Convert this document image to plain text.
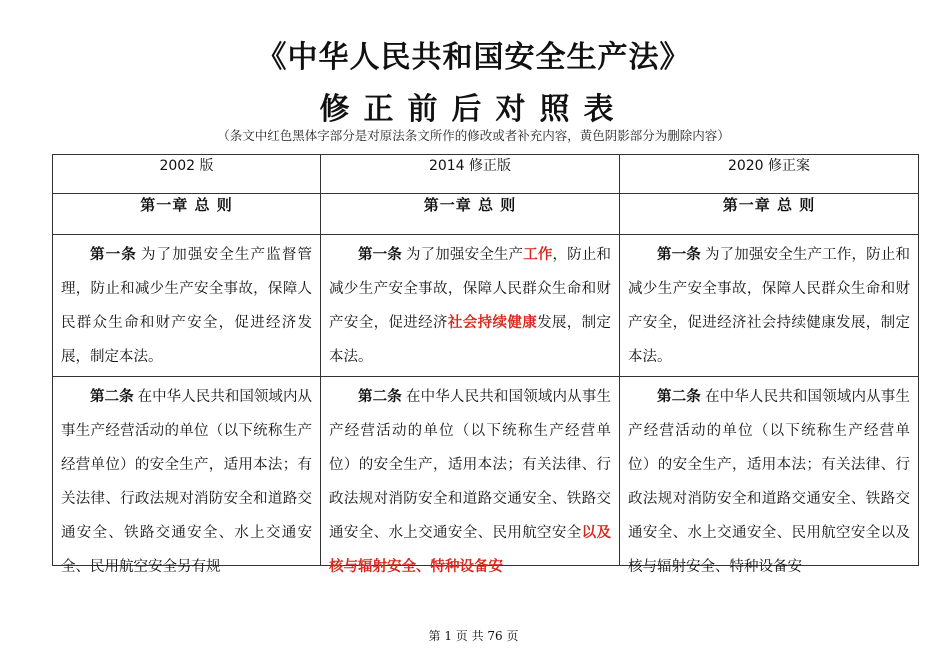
《中华人民共和国安全生产法》
修正前后对照表
（条文中红色黑体字部分是对原法条文所作的修改或者补充内容，黄色阴影部分为删除内容）
2002 版	2014 修正版	2020 修正案
第一章 总 则	第一章 总 则	第一章 总 则

第一条 为了加强安全生产监督管理，防止和减少生产安全事故，保障人民群众生命和财产安全，促进经济发展，制定本法。	第一条 为了加强安全生产工作，防止和减少生产安全事故，保障人民群众生命和财产安全，促进经济社会持续健康发展，制定本法。	第一条 为了加强安全生产工作，防止和减少生产安全事故，保障人民群众生命和财产安全，促进经济社会持续健康发展，制定本法。

第二条 在中华人民共和国领域内从事生产经营活动的单位（以下统称生产经营单位）的安全生产，适用本法；有关法律、行政法规对消防安全和道路交通安全、铁路交通安全、水上交通安全、民用航空安全另有规	第二条 在中华人民共和国领域内从事生产经营活动的单位（以下统称生产经营单位）的安全生产，适用本法；有关法律、行政法规对消防安全和道路交通安全、铁路交通安全、水上交通安全、民用航空安全以及核与辐射安全、特种设备安	第二条 在中华人民共和国领域内从事生产经营活动的单位（以下统称生产经营单位）的安全生产，适用本法；有关法律、行政法规对消防安全和道路交通安全、铁路交通安全、水上交通安全、民用航空安全以及核与辐射安全、特种设备安
第 1 页 共 76 页
